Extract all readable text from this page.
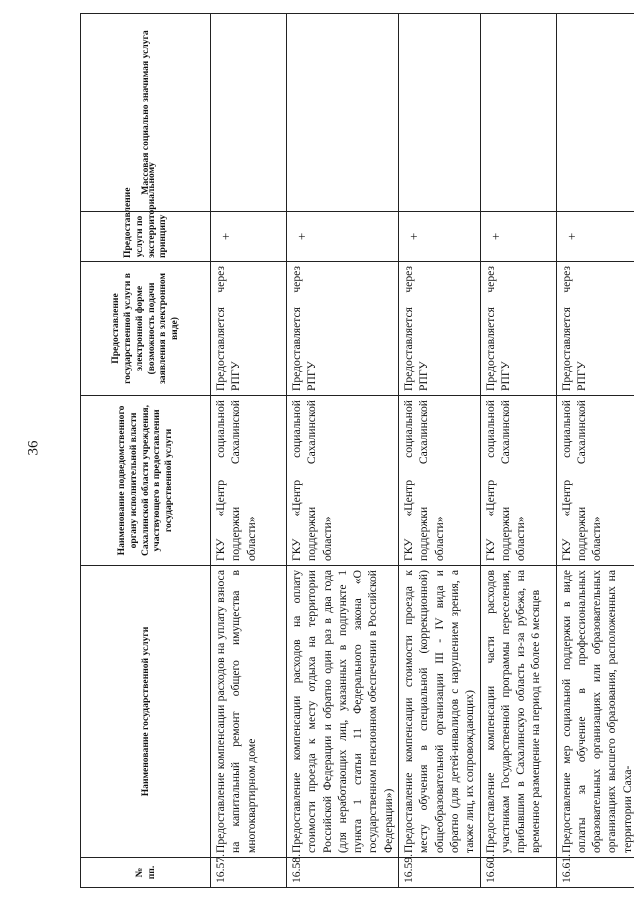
36
№ пп.	Наименование государственной услуги	Наименование подведомственного органу исполнительной власти Сахалинской области учреждения, участвующего в предоставлении государственной услуги	Предоставление государственной услуги в электронной форме (возможность подачи заявления в электронном виде)	Предоставление услуги по экстерриториальному принципу	Массовая социально значимая услуга
16.57.	Предоставление компенсации расходов на уплату взноса на капитальный ремонт общего имущества в многоквартирном доме	ГКУ «Центр социальной поддержки Сахалинской области»	Предоставляется через РПГУ	+	
16.58.	Предоставление компенсации расходов на оплату стоимости проезда к месту отдыха на территории Российской Федерации и обратно один раз в два года (для неработающих лиц, указанных в подпункте 1 пункта 1 статьи 11 Федерального закона «О государственном пенсионном обеспечении в Российской Федерации»)	ГКУ «Центр социальной поддержки Сахалинской области»	Предоставляется через РПГУ	+	
16.59.	Предоставление компенсации стоимости проезда к месту обучения в специальной (коррекционной) общеобразовательной организации III - IV вида и обратно (для детей-инвалидов с нарушением зрения, а также лиц, их сопровождающих)	ГКУ «Центр социальной поддержки Сахалинской области»	Предоставляется через РПГУ	+	
16.60.	Предоставление компенсации части расходов участникам Государственной программы переселения, прибывшим в Сахалинскую область из-за рубежа, на временное размещение на период не более 6 месяцев	ГКУ «Центр социальной поддержки Сахалинской области»	Предоставляется через РПГУ	+	
16.61.	Предоставление мер социальной поддержки в виде оплаты за обучение в профессиональных образовательных организациях или образовательных организациях высшего образования, расположенных на территории Саха-	ГКУ «Центр социальной поддержки Сахалинской области»	Предоставляется через РПГУ	+	
